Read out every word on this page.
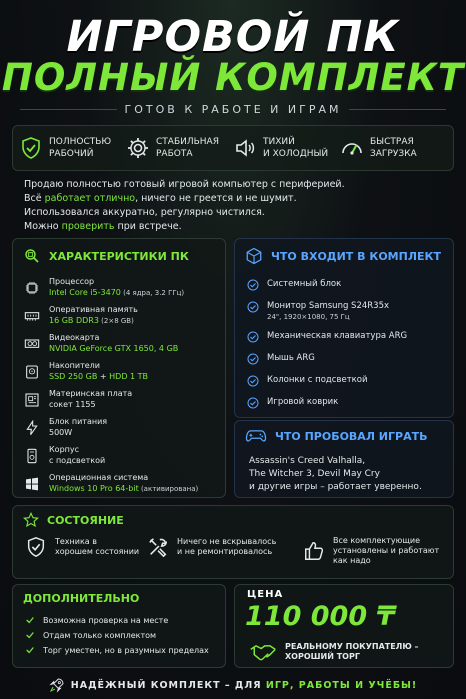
ИГРОВОЙ ПК
ПОЛНЫЙ КОМПЛЕКТ
ГОТОВ К РАБОТЕ И ИГРАМ
ПОЛНОСТЬЮ
РАБОЧИЙ
СТАБИЛЬНАЯ
РАБОТА
ТИХИЙ
И ХОЛОДНЫЙ
БЫСТРАЯ
ЗАГРУЗКА
Продаю полностью готовый игровой компьютер с периферией.
Всё работает отлично, ничего не греется и не шумит.
Использовался аккуратно, регулярно чистился.
Можно проверить при встрече.
ХАРАКТЕРИСТИКИ ПК
Процессор
Intel Core i5-3470 (4 ядра, 3.2 ГГц)
Оперативная память
16 GB DDR3 (2×8 GB)
Видеокарта
NVIDIA GeForce GTX 1650, 4 GB
Накопители
SSD 250 GB + HDD 1 TB
Материнская плата
сокет 1155
Блок питания
500W
Корпус
с подсветкой
Операционная система
Windows 10 Pro 64-bit (активирована)
ЧТО ВХОДИТ В КОМПЛЕКТ
Системный блок
Монитор Samsung S24R35x
24", 1920×1080, 75 Гц
Механическая клавиатура ARG
Мышь ARG
Колонки с подсветкой
Игровой коврик
ЧТО ПРОБОВАЛ ИГРАТЬ
Assassin's Creed Valhalla,
The Witcher 3, Devil May Cry
и другие игры – работает уверенно.
СОСТОЯНИЕ
Техника в
хорошем состоянии
Ничего не вскрывалось
и не ремонтировалось
Все комплектующие
установлены и работают
как надо
ДОПОЛНИТЕЛЬНО
Возможна проверка на месте
Отдам только комплектом
Торг уместен, но в разумных пределах
ЦЕНА
110 000 ₸
РЕАЛЬНОМУ ПОКУПАТЕЛЮ –
ХОРОШИЙ ТОРГ
НАДЁЖНЫЙ КОМПЛЕКТ – ДЛЯ ИГР, РАБОТЫ И УЧЁБЫ!
